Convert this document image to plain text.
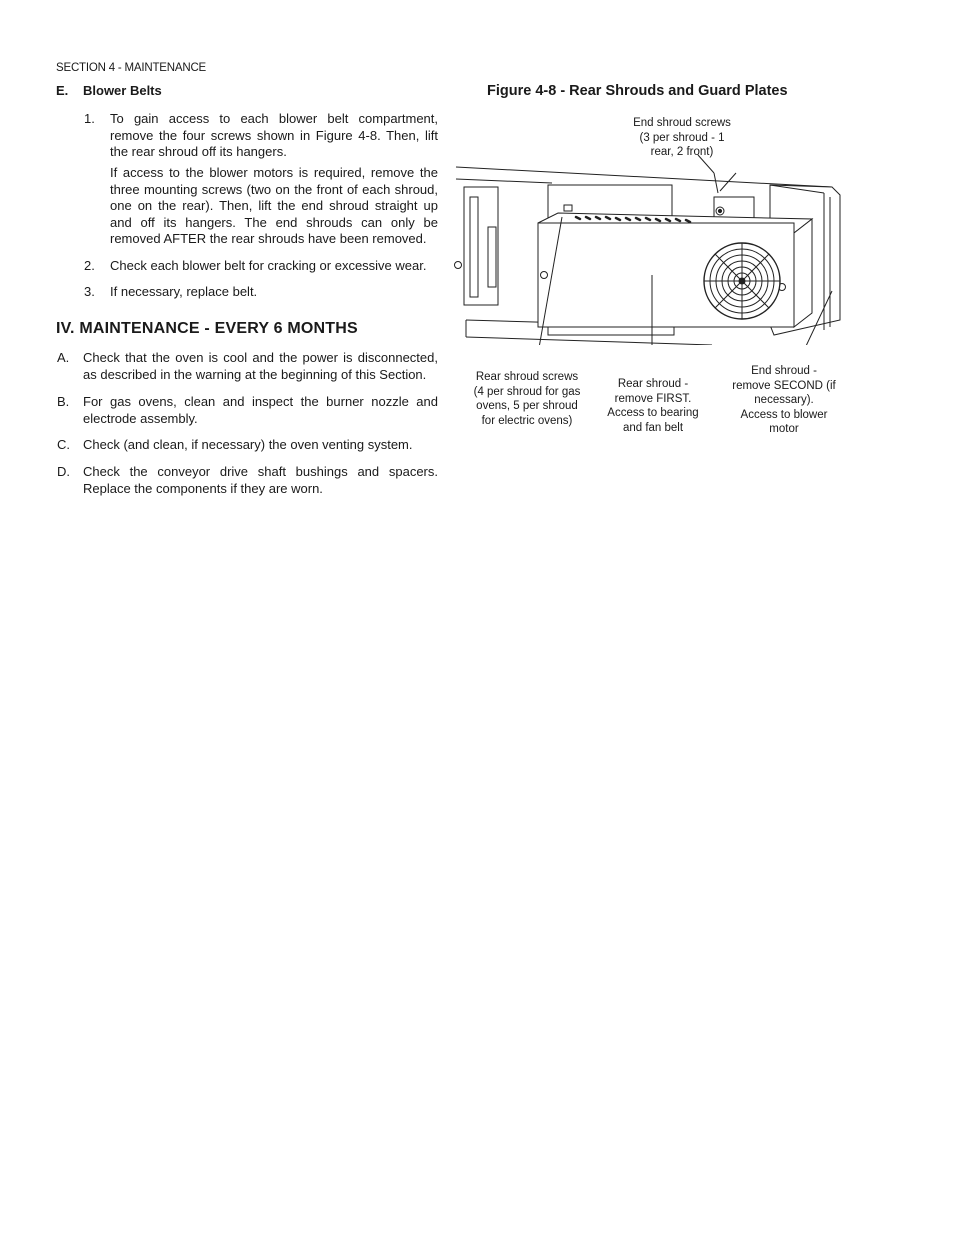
SECTION 4 - MAINTENANCE
E. Blower Belts
1. To gain access to each blower belt compartment, remove the four screws shown in Figure 4-8. Then, lift the rear shroud off its hangers.
If access to the blower motors is required, remove the three mounting screws (two on the front of each shroud, one on the rear). Then, lift the end shroud straight up and off its hangers. The end shrouds can only be removed AFTER the rear shrouds have been removed.
2. Check each blower belt for cracking or excessive wear.
3. If necessary, replace belt.
IV. MAINTENANCE - EVERY 6 MONTHS
A. Check that the oven is cool and the power is disconnected, as described in the warning at the beginning of this Section.
B. For gas ovens, clean and inspect the burner nozzle and electrode assembly.
C. Check (and clean, if necessary) the oven venting system.
D. Check the conveyor drive shaft bushings and spacers. Replace the components if they are worn.
Figure 4-8 - Rear Shrouds and Guard Plates
End shroud screws
(3 per shroud - 1
rear, 2 front)
Rear shroud screws
(4 per shroud for gas
ovens, 5 per shroud
for electric ovens)
Rear shroud -
remove FIRST.
Access to bearing
and fan belt
End shroud -
remove SECOND (if
necessary).
Access to blower
motor
